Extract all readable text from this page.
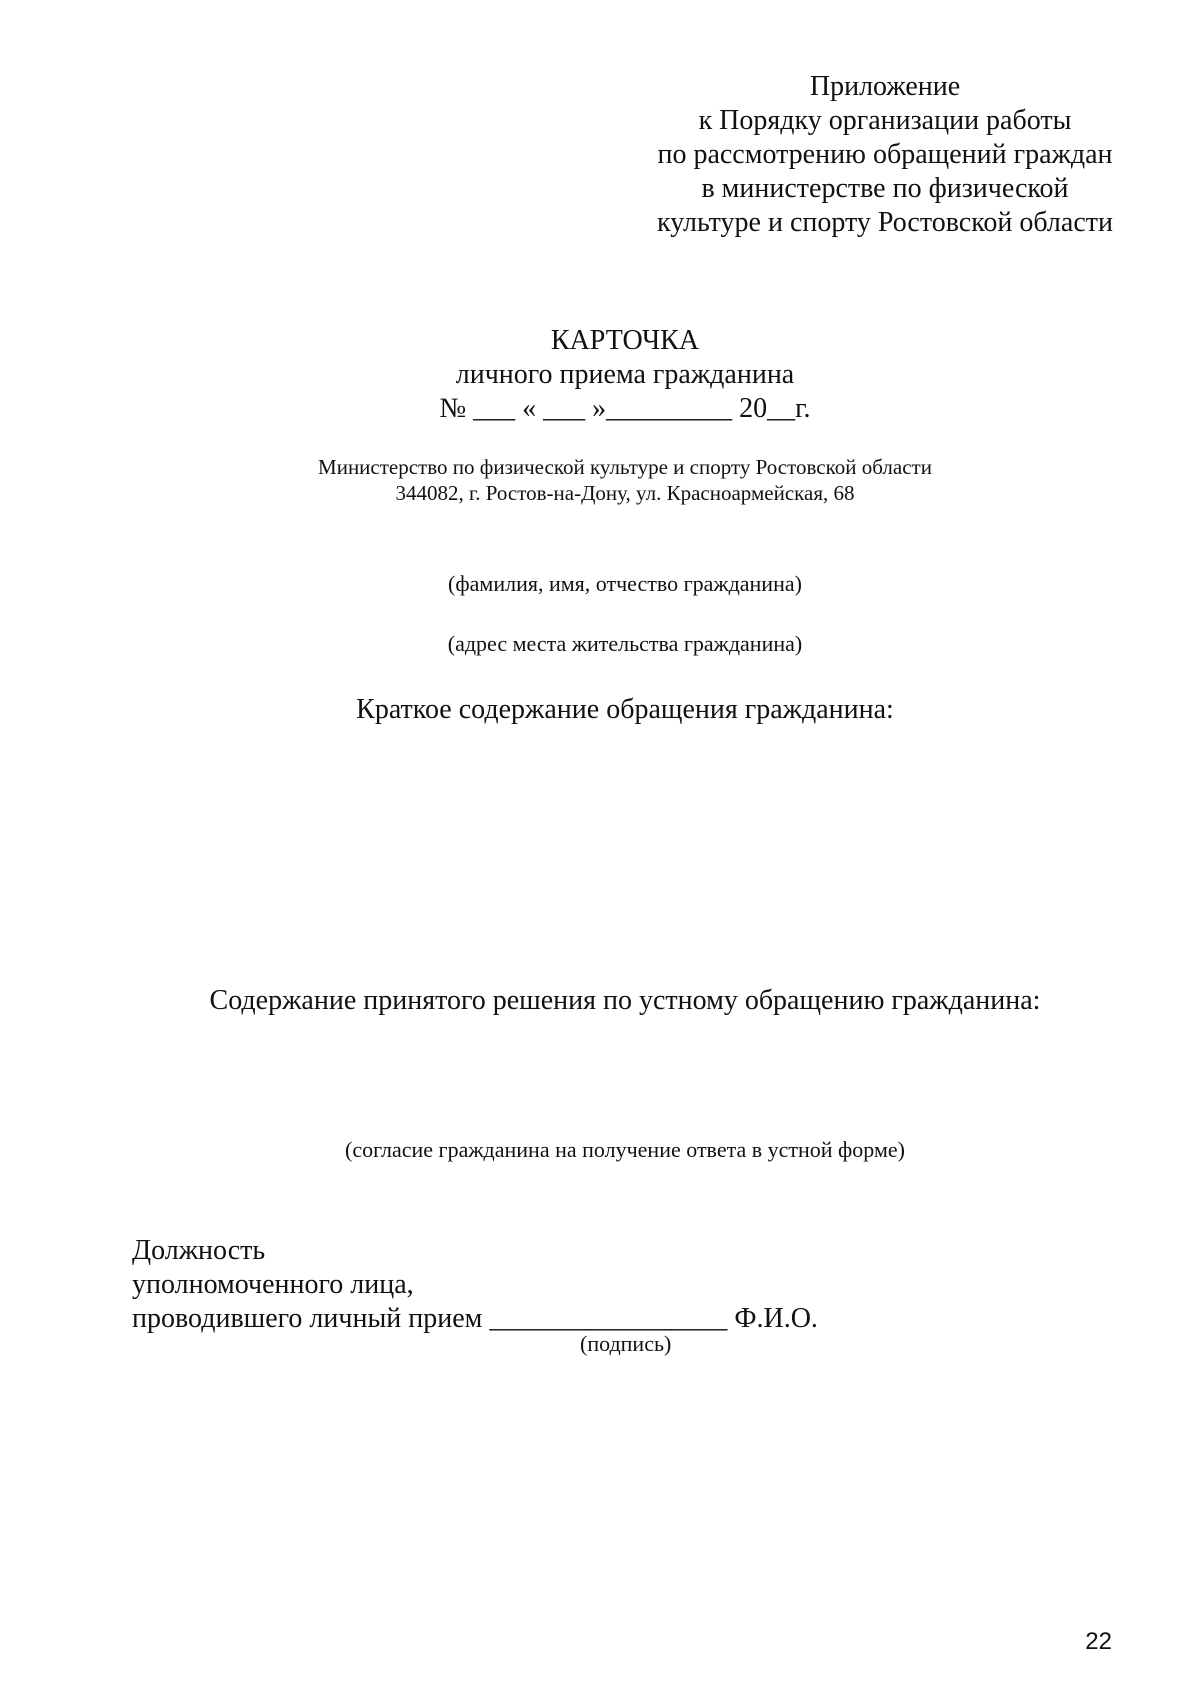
Приложение
к Порядку организации работы
по рассмотрению обращений граждан
в министерстве по физической
культуре и спорту Ростовской области
КАРТОЧКА
личного приема гражданина
№ ___ « ___ »_________ 20__г.
Министерство по физической культуре и спорту Ростовской области
344082, г. Ростов-на-Дону, ул. Красноармейская, 68
(фамилия, имя, отчество гражданина)
(адрес места жительства гражданина)
Краткое содержание обращения гражданина:
Содержание принятого решения по устному обращению гражданина:
(согласие гражданина на получение ответа в устной форме)
Должность
уполномоченного лица,
проводившего личный прием _________________ Ф.И.О.
(подпись)
22
